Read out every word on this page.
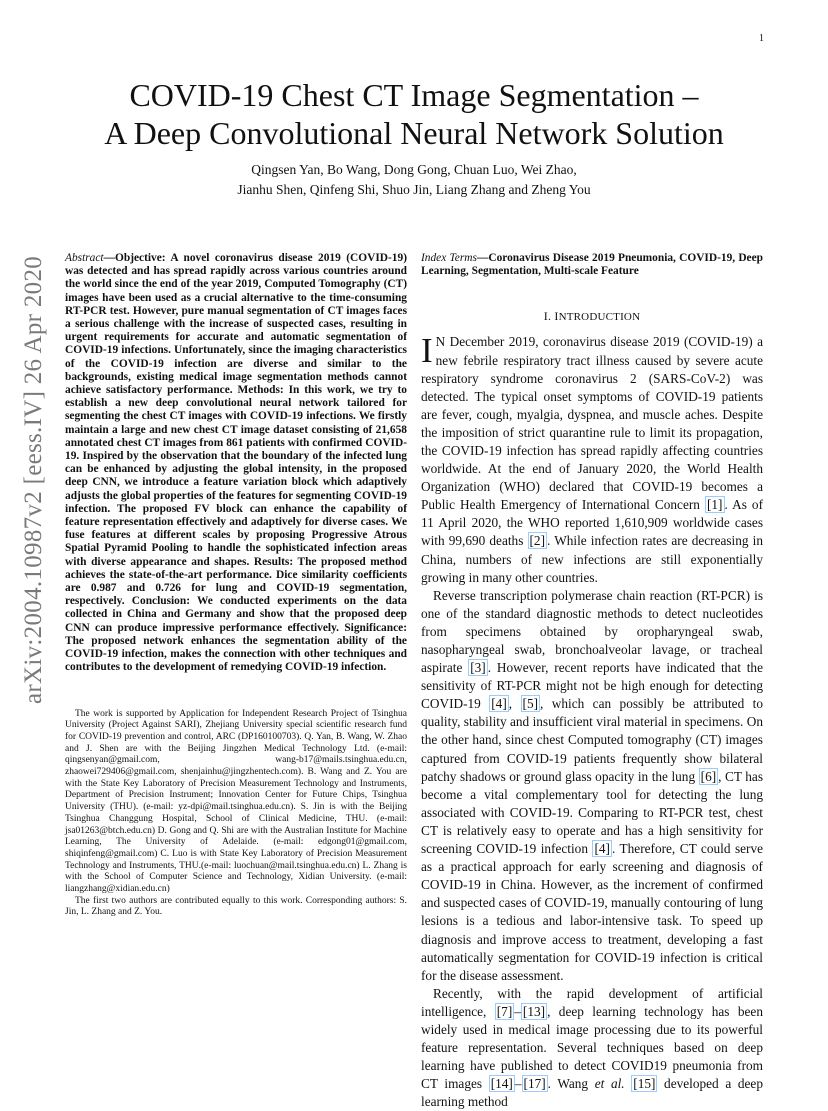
1
arXiv:2004.10987v2 [eess.IV] 26 Apr 2020
COVID-19 Chest CT Image Segmentation –
A Deep Convolutional Neural Network Solution
Qingsen Yan, Bo Wang, Dong Gong, Chuan Luo, Wei Zhao,
Jianhu Shen, Qinfeng Shi, Shuo Jin, Liang Zhang and Zheng You

Abstract—Objective: A novel coronavirus disease 2019 (COVID-19) was detected and has spread rapidly across various countries around the world since the end of the year 2019, Computed Tomography (CT) images have been used as a crucial alternative to the time-consuming RT-PCR test. However, pure manual segmentation of CT images faces a serious challenge with the increase of suspected cases, resulting in urgent requirements for accurate and automatic segmentation of COVID-19 infections. Unfortunately, since the imaging characteristics of the COVID-19 infection are diverse and similar to the backgrounds, existing medical image segmentation methods cannot achieve satisfactory performance. Methods: In this work, we try to establish a new deep convolutional neural network tailored for segmenting the chest CT images with COVID-19 infections. We firstly maintain a large and new chest CT image dataset consisting of 21,658 annotated chest CT images from 861 patients with confirmed COVID-19. Inspired by the observation that the boundary of the infected lung can be enhanced by adjusting the global intensity, in the proposed deep CNN, we introduce a feature variation block which adaptively adjusts the global properties of the features for segmenting COVID-19 infection. The proposed FV block can enhance the capability of feature representation effectively and adaptively for diverse cases. We fuse features at different scales by proposing Progressive Atrous Spatial Pyramid Pooling to handle the sophisticated infection areas with diverse appearance and shapes. Results: The proposed method achieves the state-of-the-art performance. Dice similarity coefficients are 0.987 and 0.726 for lung and COVID-19 segmentation, respectively. Conclusion: We conducted experiments on the data collected in China and Germany and show that the proposed deep CNN can produce impressive performance effectively. Significance: The proposed network enhances the segmentation ability of the COVID-19 infection, makes the connection with other techniques and contributes to the development of remedying COVID-19 infection.

The work is supported by Application for Independent Research Project of Tsinghua University (Project Against SARI), Zhejiang University special scientific research fund for COVID-19 prevention and control, ARC (DP160100703). Q. Yan, B. Wang, W. Zhao and J. Shen are with the Beijing Jingzhen Medical Technology Ltd. (e-mail: qingsenyan@gmail.com, wang-b17@mails.tsinghua.edu.cn, zhaowei729406@gmail.com, shenjainhu@jingzhentech.com). B. Wang and Z. You are with the State Key Laboratory of Precision Measurement Technology and Instruments, Department of Precision Instrument; Innovation Center for Future Chips, Tsinghua University (THU). (e-mail: yz-dpi@mail.tsinghua.edu.cn). S. Jin is with the Beijing Tsinghua Changgung Hospital, School of Clinical Medicine, THU. (e-mail: jsa01263@btch.edu.cn) D. Gong and Q. Shi are with the Australian Institute for Machine Learning, The University of Adelaide. (e-mail: edgong01@gmail.com, shiqinfeng@gmail.com) C. Luo is with State Key Laboratory of Precision Measurement Technology and Instruments, THU.(e-mail: luochuan@mail.tsinghua.edu.cn) L. Zhang is with the School of Computer Science and Technology, Xidian University. (e-mail: liangzhang@xidian.edu.cn)

The first two authors are contributed equally to this work. Corresponding authors: S. Jin, L. Zhang and Z. You.

Index Terms—Coronavirus Disease 2019 Pneumonia, COVID-19, Deep Learning, Segmentation, Multi-scale Feature

I. INTRODUCTION

I N December 2019, coronavirus disease 2019 (COVID-19) a new febrile respiratory tract illness caused by severe acute respiratory syndrome coronavirus 2 (SARS-CoV-2) was detected. The typical onset symptoms of COVID-19 patients are fever, cough, myalgia, dyspnea, and muscle aches. Despite the imposition of strict quarantine rule to limit its propagation, the COVID-19 infection has spread rapidly affecting countries worldwide. At the end of January 2020, the World Health Organization (WHO) declared that COVID-19 becomes a Public Health Emergency of International Concern [1] . As of 11 April 2020, the WHO reported 1,610,909 worldwide cases with 99,690 deaths [2] . While infection rates are decreasing in China, numbers of new infections are still exponentially growing in many other countries.

Reverse transcription polymerase chain reaction (RT-PCR) is one of the standard diagnostic methods to detect nucleotides from specimens obtained by oropharyngeal swab, nasopharyngeal swab, bronchoalveolar lavage, or tracheal aspirate [3] . However, recent reports have indicated that the sensitivity of RT-PCR might not be high enough for detecting COVID-19 [4] , [5] , which can possibly be attributed to quality, stability and insufficient viral material in specimens. On the other hand, since chest Computed tomography (CT) images captured from COVID-19 patients frequently show bilateral patchy shadows or ground glass opacity in the lung [6] , CT has become a vital complementary tool for detecting the lung associated with COVID-19. Comparing to RT-PCR test, chest CT is relatively easy to operate and has a high sensitivity for screening COVID-19 infection [4] . Therefore, CT could serve as a practical approach for early screening and diagnosis of COVID-19 in China. However, as the increment of confirmed and suspected cases of COVID-19, manually contouring of lung lesions is a tedious and labor-intensive task. To speed up diagnosis and improve access to treatment, developing a fast automatically segmentation for COVID-19 infection is critical for the disease assessment.

Recently, with the rapid development of artificial intelligence, [7] – [13] , deep learning technology has been widely used in medical image processing due to its powerful feature representation. Several techniques based on deep learning have published to detect COVID19 pneumonia from CT images [14] – [17] . Wang et al. [15] developed a deep learning method
